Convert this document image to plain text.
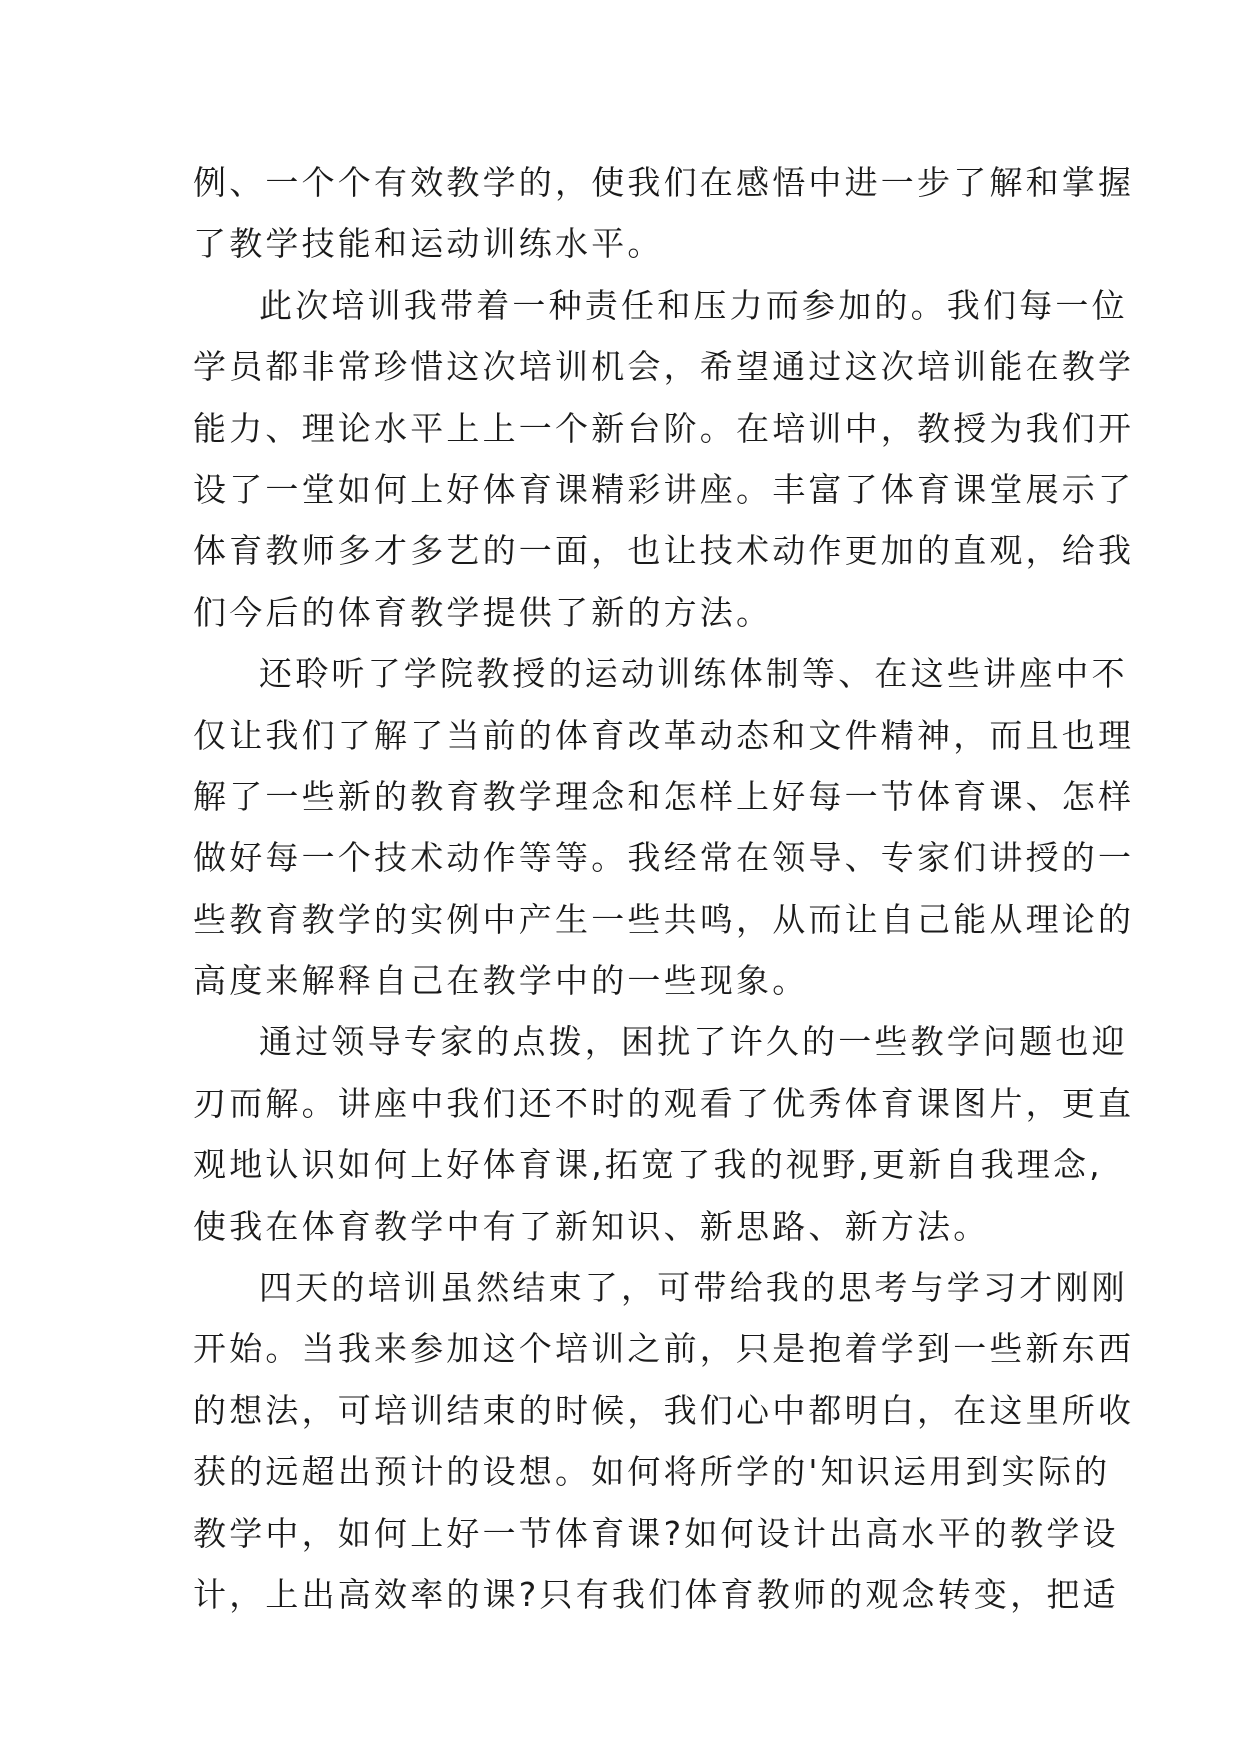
例、一个个有效教学的，使我们在感悟中进一步了解和掌握
了教学技能和运动训练水平。
此次培训我带着一种责任和压力而参加的。我们每一位
学员都非常珍惜这次培训机会，希望通过这次培训能在教学
能力、理论水平上上一个新台阶。在培训中，教授为我们开
设了一堂如何上好体育课精彩讲座。丰富了体育课堂展示了
体育教师多才多艺的一面，也让技术动作更加的直观，给我
们今后的体育教学提供了新的方法。
还聆听了学院教授的运动训练体制等、在这些讲座中不
仅让我们了解了当前的体育改革动态和文件精神，而且也理
解了一些新的教育教学理念和怎样上好每一节体育课、怎样
做好每一个技术动作等等。我经常在领导、专家们讲授的一
些教育教学的实例中产生一些共鸣，从而让自己能从理论的
高度来解释自己在教学中的一些现象。
通过领导专家的点拨，困扰了许久的一些教学问题也迎
刃而解。讲座中我们还不时的观看了优秀体育课图片，更直
观地认识如何上好体育课,拓宽了我的视野,更新自我理念,
使我在体育教学中有了新知识、新思路、新方法。
四天的培训虽然结束了，可带给我的思考与学习才刚刚
开始。当我来参加这个培训之前，只是抱着学到一些新东西
的想法，可培训结束的时候，我们心中都明白，在这里所收
获的远超出预计的设想。如何将所学的'知识运用到实际的
教学中，如何上好一节体育课?如何设计出高水平的教学设
计，上出高效率的课?只有我们体育教师的观念转变，把适
